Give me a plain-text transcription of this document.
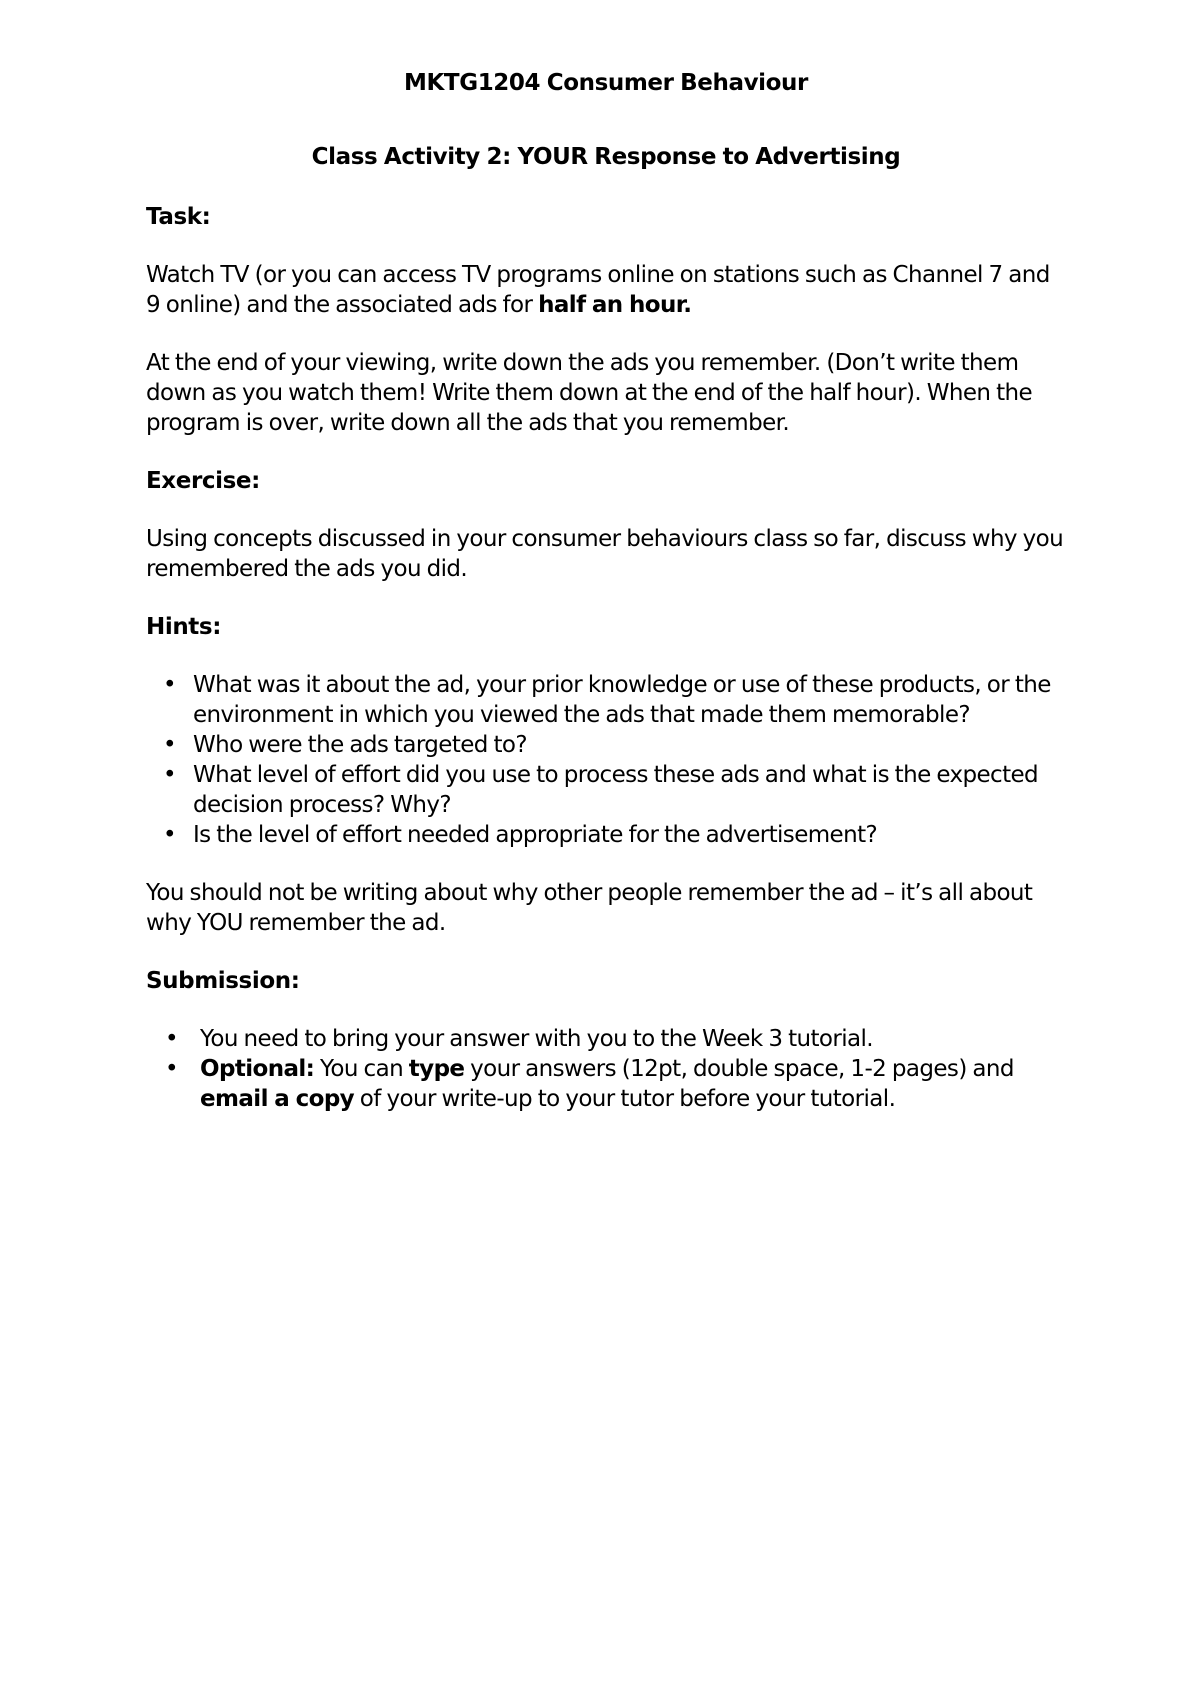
MKTG1204 Consumer Behaviour

Class Activity 2: YOUR Response to Advertising

Task:

Watch TV (or you can access TV programs online on stations such as Channel 7 and 9 online) and the associated ads for half an hour.

At the end of your viewing, write down the ads you remember. (Don’t write them down as you watch them! Write them down at the end of the half hour). When the program is over, write down all the ads that you remember.

Exercise:

Using concepts discussed in your consumer behaviours class so far, discuss why you remembered the ads you did.

Hints:

• What was it about the ad, your prior knowledge or use of these products, or the environment in which you viewed the ads that made them memorable?
• Who were the ads targeted to?
• What level of effort did you use to process these ads and what is the expected decision process? Why?
• Is the level of effort needed appropriate for the advertisement?

You should not be writing about why other people remember the ad – it’s all about why YOU remember the ad.

Submission:

• You need to bring your answer with you to the Week 3 tutorial.
• Optional: You can type your answers (12pt, double space, 1-2 pages) and email a copy of your write-up to your tutor before your tutorial.
